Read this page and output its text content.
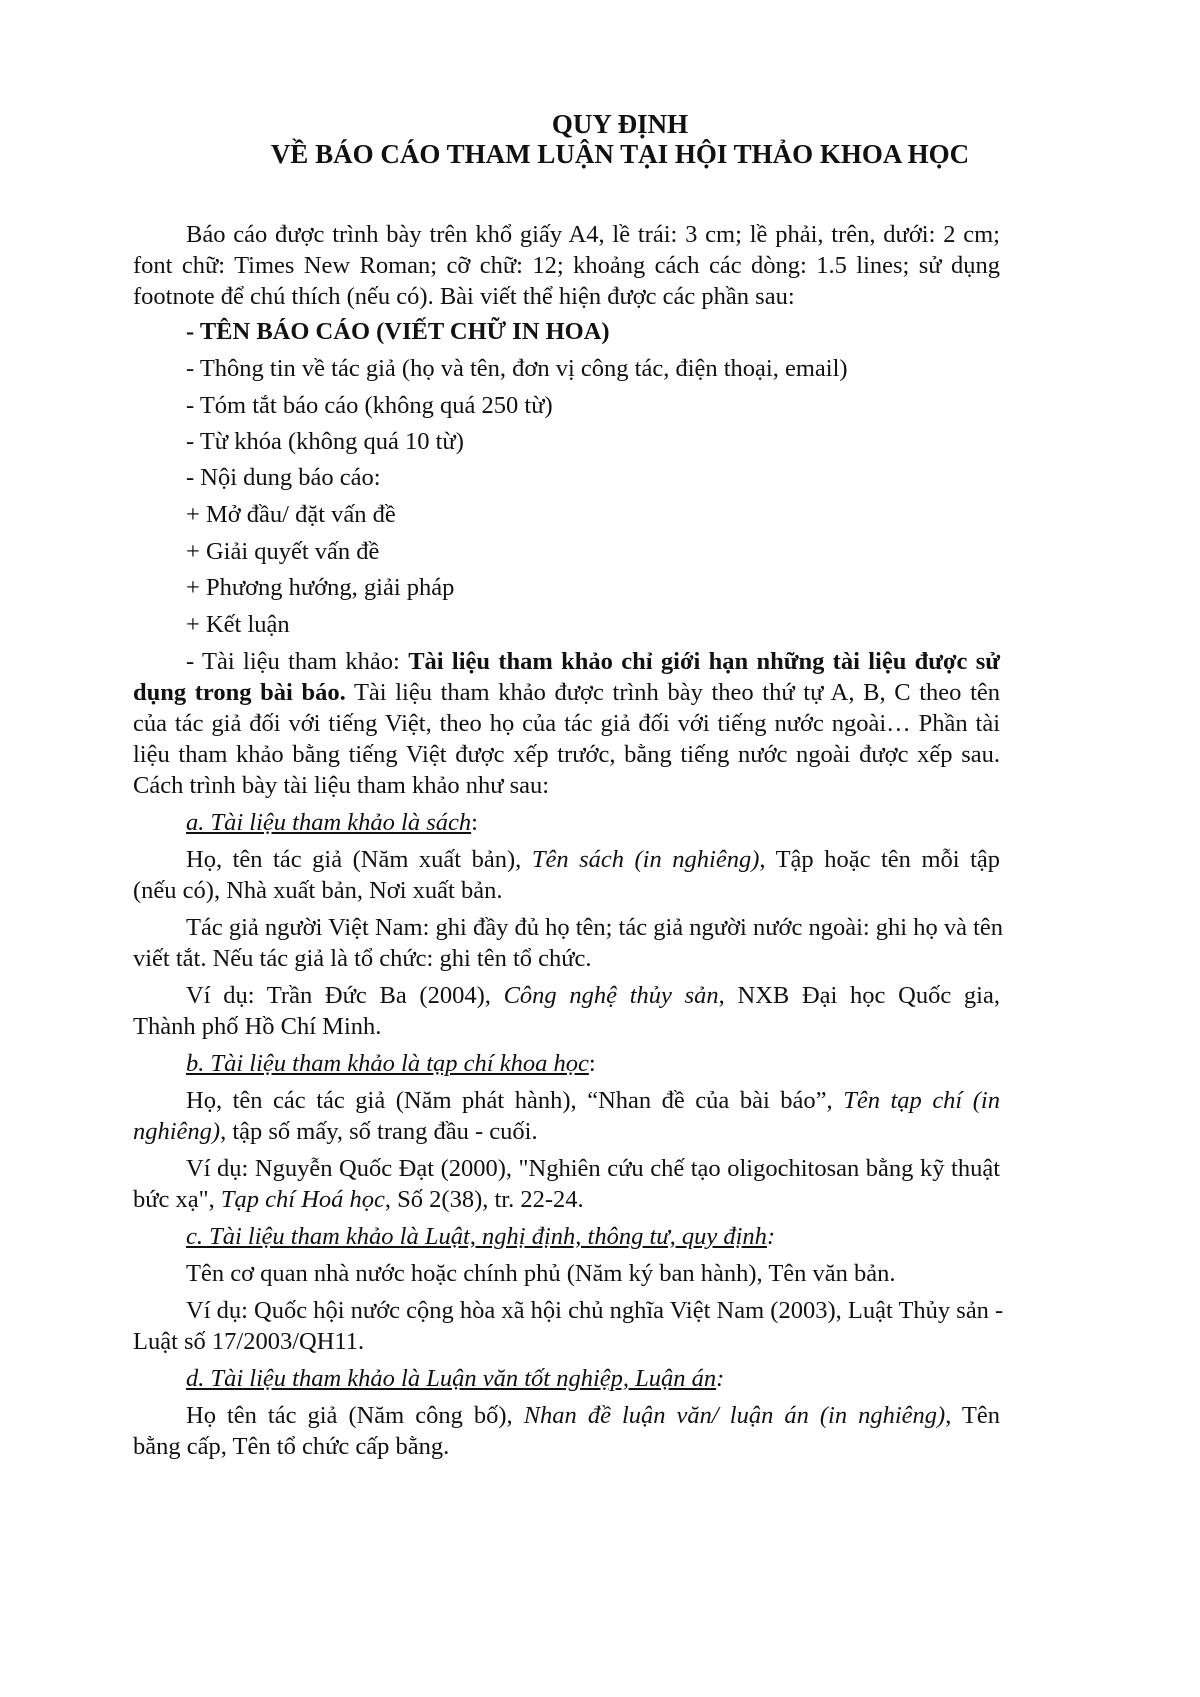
QUY ĐỊNH
VỀ BÁO CÁO THAM LUẬN TẠI HỘI THẢO KHOA HỌC
Báo cáo được trình bày trên khổ giấy A4, lề trái: 3 cm; lề phải, trên, dưới: 2 cm;
font chữ: Times New Roman; cỡ chữ: 12; khoảng cách các dòng: 1.5 lines; sử dụng
footnote để chú thích (nếu có). Bài viết thể hiện được các phần sau:
- TÊN BÁO CÁO (VIẾT CHỮ IN HOA)
- Thông tin về tác giả (họ và tên, đơn vị công tác, điện thoại, email)
- Tóm tắt báo cáo (không quá 250 từ)
- Từ khóa (không quá 10 từ)
- Nội dung báo cáo:
+ Mở đầu/ đặt vấn đề
+ Giải quyết vấn đề
+ Phương hướng, giải pháp
+ Kết luận
- Tài liệu tham khảo: Tài liệu tham khảo chỉ giới hạn những tài liệu được sử
dụng trong bài báo. Tài liệu tham khảo được trình bày theo thứ tự A, B, C theo tên
của tác giả đối với tiếng Việt, theo họ của tác giả đối với tiếng nước ngoài… Phần tài
liệu tham khảo bằng tiếng Việt được xếp trước, bằng tiếng nước ngoài được xếp sau.
Cách trình bày tài liệu tham khảo như sau:
a. Tài liệu tham khảo là sách:
Họ, tên tác giả (Năm xuất bản), Tên sách (in nghiêng), Tập hoặc tên mỗi tập
(nếu có), Nhà xuất bản, Nơi xuất bản.
Tác giả người Việt Nam: ghi đầy đủ họ tên; tác giả người nước ngoài: ghi họ và tên
viết tắt. Nếu tác giả là tổ chức: ghi tên tổ chức.
Ví dụ: Trần Đức Ba (2004), Công nghệ thủy sản, NXB Đại học Quốc gia,
Thành phố Hồ Chí Minh.
b. Tài liệu tham khảo là tạp chí khoa học:
Họ, tên các tác giả (Năm phát hành), “Nhan đề của bài báo”, Tên tạp chí (in
nghiêng), tập số mấy, số trang đầu - cuối.
Ví dụ: Nguyễn Quốc Đạt (2000), "Nghiên cứu chế tạo oligochitosan bằng kỹ thuật
bức xạ", Tạp chí Hoá học, Số 2(38), tr. 22-24.
c. Tài liệu tham khảo là Luật, nghị định, thông tư, quy định:
Tên cơ quan nhà nước hoặc chính phủ (Năm ký ban hành), Tên văn bản.
Ví dụ: Quốc hội nước cộng hòa xã hội chủ nghĩa Việt Nam (2003), Luật Thủy sản -
Luật số 17/2003/QH11.
d. Tài liệu tham khảo là Luận văn tốt nghiệp, Luận án:
Họ tên tác giả (Năm công bố), Nhan đề luận văn/ luận án (in nghiêng), Tên
bằng cấp, Tên tổ chức cấp bằng.
